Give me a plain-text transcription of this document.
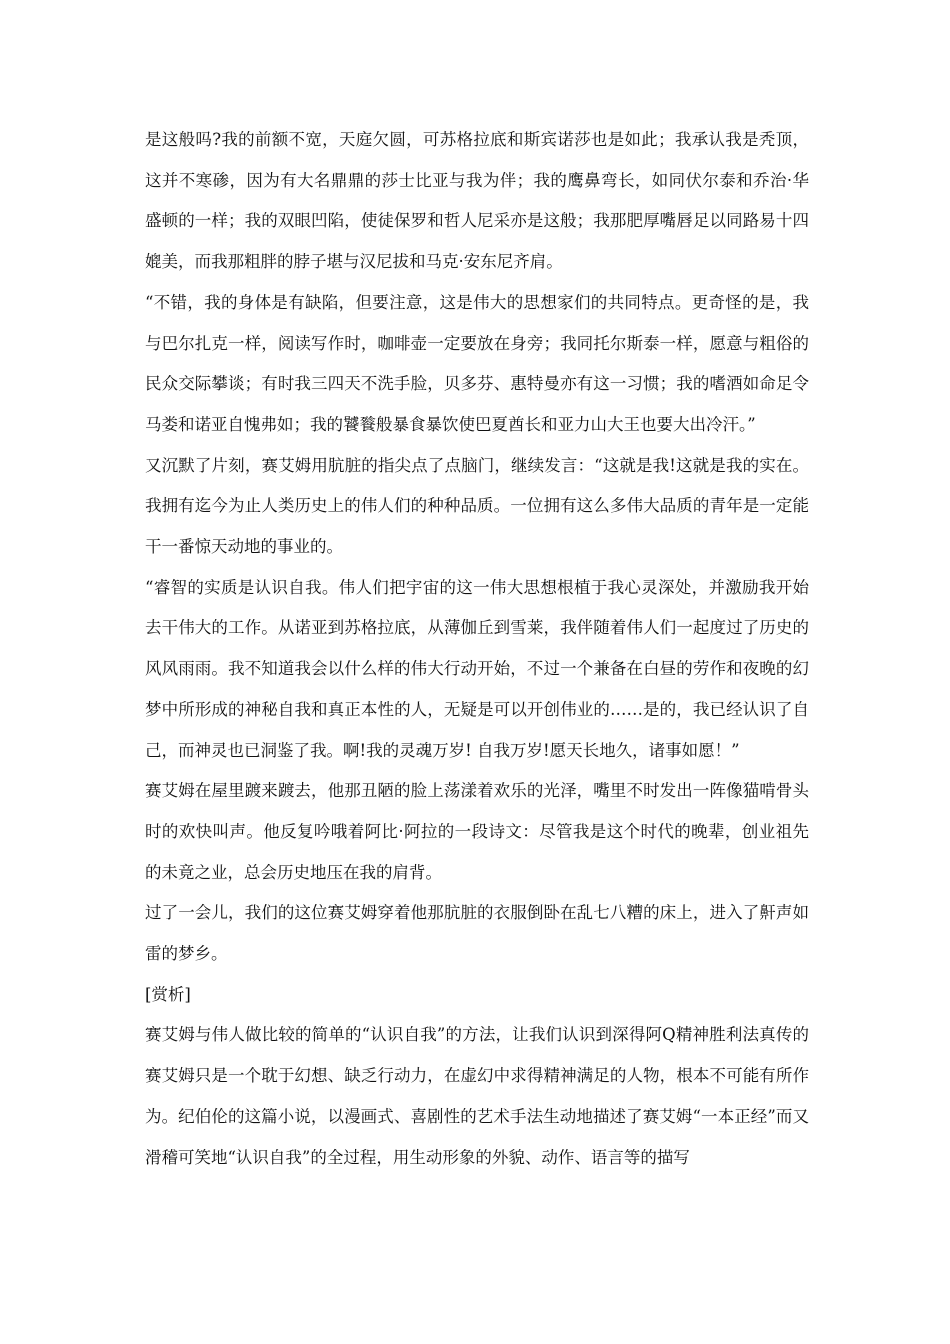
是这般吗?我的前额不宽，天庭欠圆，可苏格拉底和斯宾诺莎也是如此；我承认我是秃顶，这并不寒碜，因为有大名鼎鼎的莎士比亚与我为伴；我的鹰鼻弯长，如同伏尔泰和乔治·华盛顿的一样；我的双眼凹陷，使徒保罗和哲人尼采亦是这般；我那肥厚嘴唇足以同路易十四媲美，而我那粗胖的脖子堪与汉尼拔和马克·安东尼齐肩。

“不错，我的身体是有缺陷，但要注意，这是伟大的思想家们的共同特点。更奇怪的是，我与巴尔扎克一样，阅读写作时，咖啡壶一定要放在身旁；我同托尔斯泰一样，愿意与粗俗的民众交际攀谈；有时我三四天不洗手脸，贝多芬、惠特曼亦有这一习惯；我的嗜酒如命足令马娄和诺亚自愧弗如；我的饕餮般暴食暴饮使巴夏酋长和亚力山大王也要大出冷汗。”

又沉默了片刻，赛艾姆用肮脏的指尖点了点脑门，继续发言：“这就是我!这就是我的实在。我拥有迄今为止人类历史上的伟人们的种种品质。一位拥有这么多伟大品质的青年是一定能干一番惊天动地的事业的。

“睿智的实质是认识自我。伟人们把宇宙的这一伟大思想根植于我心灵深处，并激励我开始去干伟大的工作。从诺亚到苏格拉底，从薄伽丘到雪莱，我伴随着伟人们一起度过了历史的风风雨雨。我不知道我会以什么样的伟大行动开始，不过一个兼备在白昼的劳作和夜晚的幻梦中所形成的神秘自我和真正本性的人，无疑是可以开创伟业的……是的，我已经认识了自己，而神灵也已洞鉴了我。啊!我的灵魂万岁! 自我万岁!愿天长地久，诸事如愿！”

赛艾姆在屋里踱来踱去，他那丑陋的脸上荡漾着欢乐的光泽，嘴里不时发出一阵像猫啃骨头时的欢快叫声。他反复吟哦着阿比·阿拉的一段诗文：尽管我是这个时代的晚辈，创业祖先的未竟之业，总会历史地压在我的肩背。

过了一会儿，我们的这位赛艾姆穿着他那肮脏的衣服倒卧在乱七八糟的床上，进入了鼾声如雷的梦乡。

[赏析]

赛艾姆与伟人做比较的简单的“认识自我”的方法，让我们认识到深得阿Q精神胜利法真传的赛艾姆只是一个耽于幻想、缺乏行动力，在虚幻中求得精神满足的人物，根本不可能有所作为。纪伯伦的这篇小说，以漫画式、喜剧性的艺术手法生动地描述了赛艾姆“一本正经”而又滑稽可笑地“认识自我”的全过程，用生动形象的外貌、动作、语言等的描写
